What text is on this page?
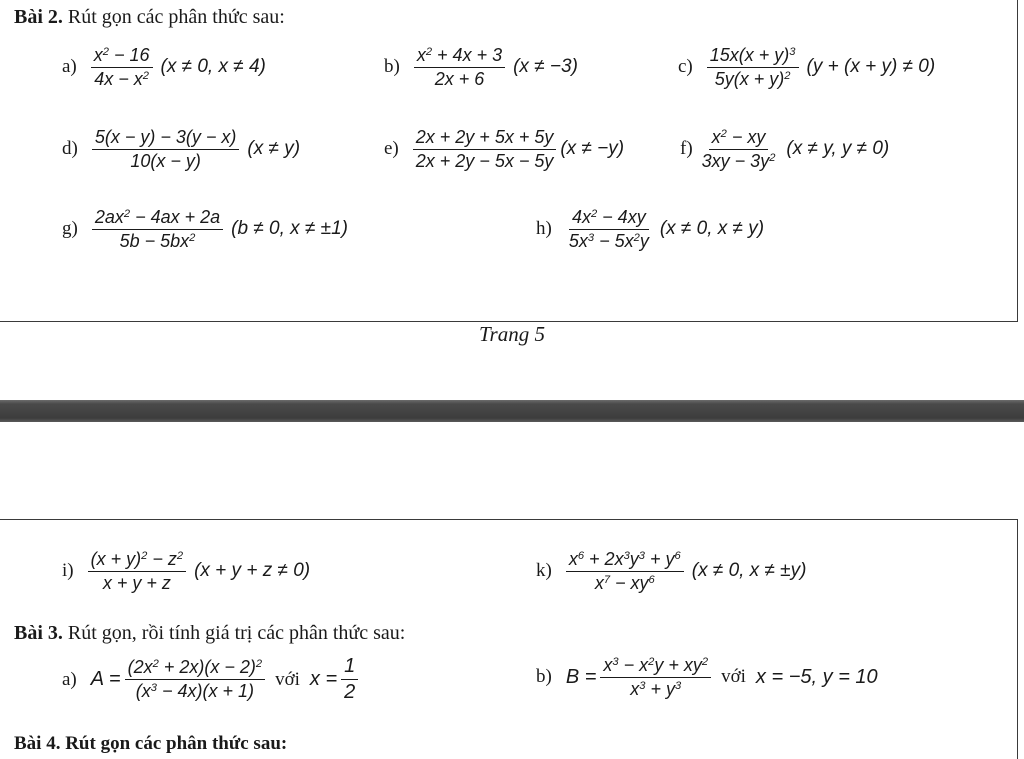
Bài 2. Rút gọn các phân thức sau:
$a) \frac{x^2 - 16}{4x - x^2} (x \ne 0$, x ≠ 4)	$b) \frac{x^2 + 4x + 3}{2x + 6} (x \ne -3)$	$c) \frac{15x(x + y)^3}{5y(x + y)^2} (y + (x + y) \ne 0)$
$d) \frac{5(x - y) - 3(y - x)}{10(x - y)} (x \ne y)$	$e) \frac{2x + 2y + 5x + 5y}{2x + 2y - 5x - 5y} (x \ne -y)$	$f) \frac{x^2 - xy}{3xy - 3y^2} (x \ne y$, y ≠ 0)
$g) \frac{2ax^2 - 4ax + 2a}{5b - 5bx^2} (b \ne 0$, x ≠ ±1)	$h) \frac{4x^2 - 4xy}{5x^3 - 5x^2y} (x \ne 0$, x ≠ y)
Trang 5
$i) \frac{(x + y)^2 - z^2}{x + y + z} (x + y + z \ne 0)$	$k) \frac{x^6 + 2x^3y^3 + y^6}{x^7 - xy^6} (x \ne 0$, x ≠ ±y)
Bài 3. Rút gọn, rồi tính giá trị các phân thức sau:
a) $A = \frac{(2x^2 + 2x)(x - 2)^2}{(x^3 - 4x)(x + 1)}$ với $x = \frac{1}{2}$	b) $B = \frac{x^3 - x^2y + xy^2}{x^3 + y^3}$ với x = −5, y = 10
Bài 4. Rút gọn các phân thức sau:
